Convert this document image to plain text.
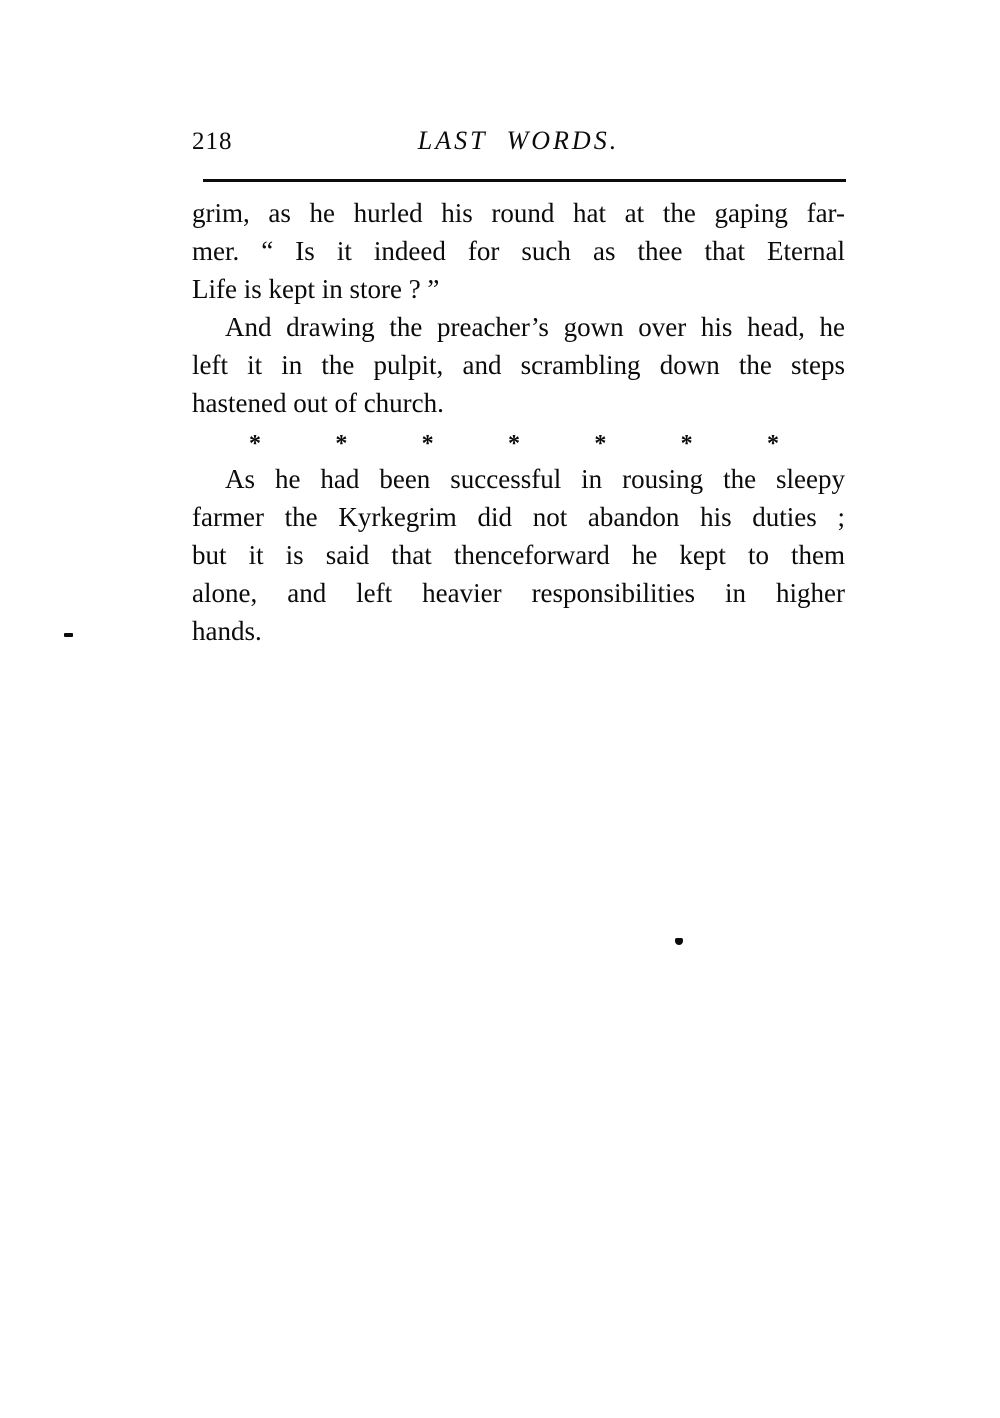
218	LAST WORDS.

grim, as he hurled his round hat at the gaping far-
mer. “ Is it indeed for such as thee that Eternal
Life is kept in store ? ”

And drawing the preacher’s gown over his head, he
left it in the pulpit, and scrambling down the steps
hastened out of church.

*	*	*	*	*	*	*

As he had been successful in rousing the sleepy
farmer the Kyrkegrim did not abandon his duties ;
but it is said that thenceforward he kept to them
alone, and left heavier responsibilities in higher
hands.
